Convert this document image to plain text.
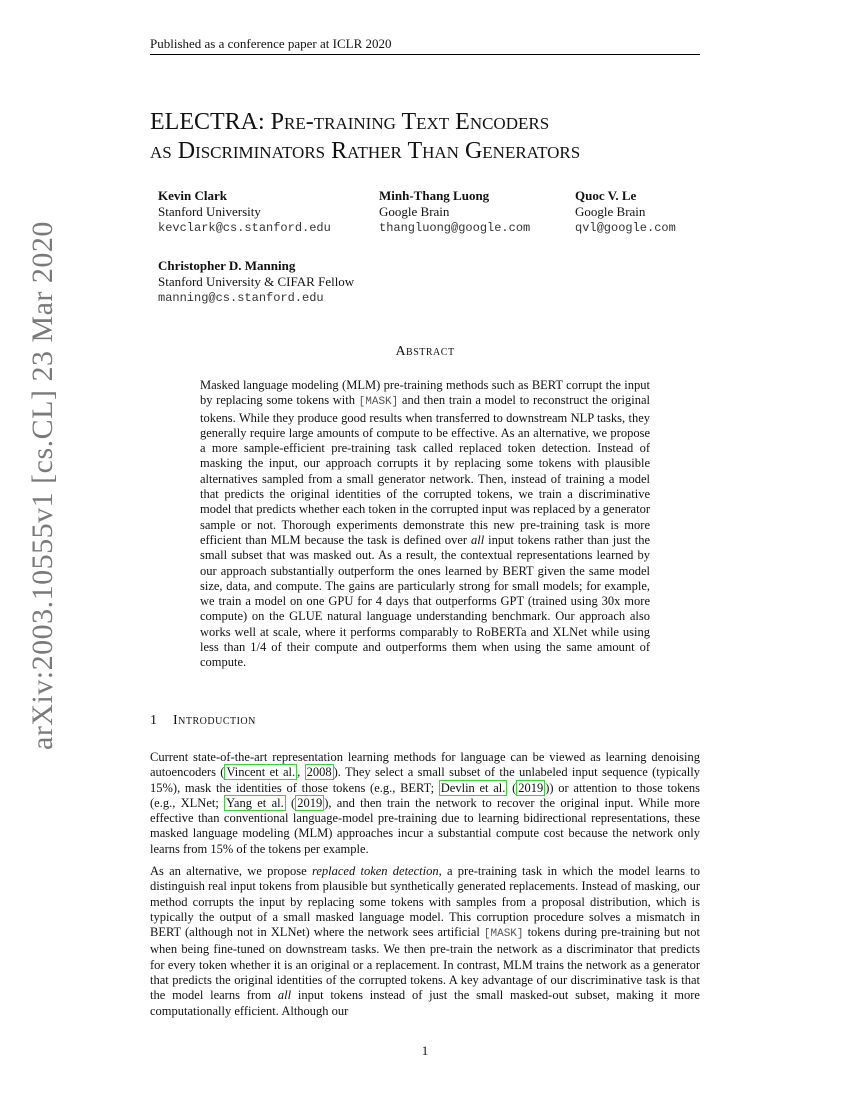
Published as a conference paper at ICLR 2020
arXiv:2003.10555v1 [cs.CL] 23 Mar 2020
ELECTRA: Pre-training Text Encoders
as Discriminators Rather Than Generators
Kevin Clark
Stanford University
kevclark@cs.stanford.edu
Minh-Thang Luong
Google Brain
thangluong@google.com
Quoc V. Le
Google Brain
qvl@google.com
Christopher D. Manning
Stanford University & CIFAR Fellow
manning@cs.stanford.edu
Abstract

Masked language modeling (MLM) pre-training methods such as BERT corrupt the input by replacing some tokens with [MASK] and then train a model to reconstruct the original tokens. While they produce good results when transferred to downstream NLP tasks, they generally require large amounts of compute to be effective. As an alternative, we propose a more sample-efficient pre-training task called replaced token detection. Instead of masking the input, our approach corrupts it by replacing some tokens with plausible alternatives sampled from a small generator network. Then, instead of training a model that predicts the original identities of the corrupted tokens, we train a discriminative model that predicts whether each token in the corrupted input was replaced by a generator sample or not. Thorough experiments demonstrate this new pre-training task is more efficient than MLM because the task is defined over all input tokens rather than just the small subset that was masked out. As a result, the contextual representations learned by our approach substantially outperform the ones learned by BERT given the same model size, data, and compute. The gains are particularly strong for small models; for example, we train a model on one GPU for 4 days that outperforms GPT (trained using 30x more compute) on the GLUE natural language understanding benchmark. Our approach also works well at scale, where it performs comparably to RoBERTa and XLNet while using less than 1/4 of their compute and outperforms them when using the same amount of compute.

1 Introduction

Current state-of-the-art representation learning methods for language can be viewed as learning denoising autoencoders ( Vincent et al. , 2008 ). They select a small subset of the unlabeled input sequence (typically 15%), mask the identities of those tokens (e.g., BERT; Devlin et al. ( 2019 )) or attention to those tokens (e.g., XLNet; Yang et al. ( 2019 ), and then train the network to recover the original input. While more effective than conventional language-model pre-training due to learning bidirectional representations, these masked language modeling (MLM) approaches incur a substantial compute cost because the network only learns from 15% of the tokens per example.

As an alternative, we propose replaced token detection, a pre-training task in which the model learns to distinguish real input tokens from plausible but synthetically generated replacements. Instead of masking, our method corrupts the input by replacing some tokens with samples from a proposal distribution, which is typically the output of a small masked language model. This corruption procedure solves a mismatch in BERT (although not in XLNet) where the network sees artificial [MASK] tokens during pre-training but not when being fine-tuned on downstream tasks. We then pre-train the network as a discriminator that predicts for every token whether it is an original or a replacement. In contrast, MLM trains the network as a generator that predicts the original identities of the corrupted tokens. A key advantage of our discriminative task is that the model learns from all input tokens instead of just the small masked-out subset, making it more computationally efficient. Although our

1
